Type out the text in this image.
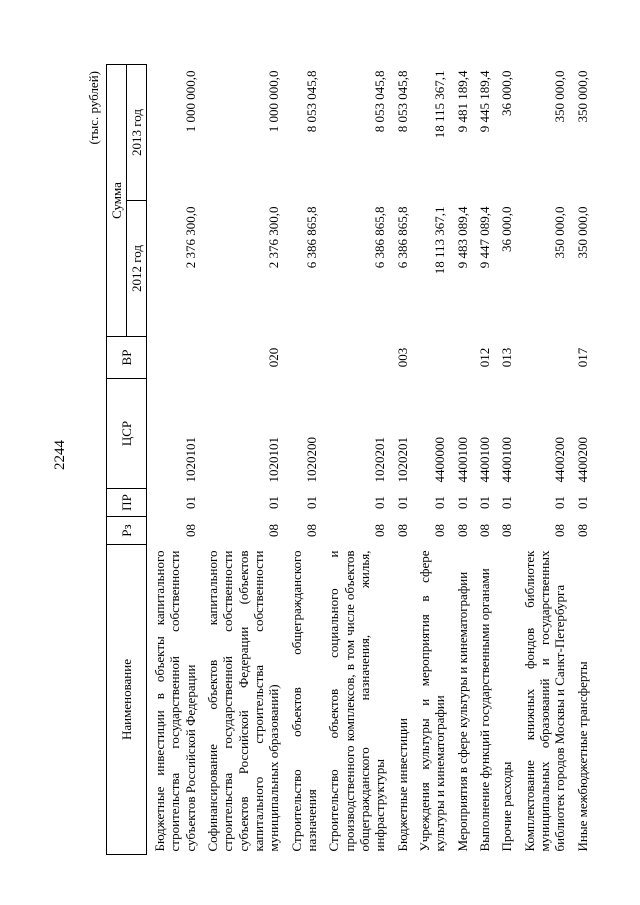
2244
(тыс. рублей)
Наименование	Рз	ПР	ЦСР	ВР	Сумма	
					2012 год	2013 год
Бюджетные инвестиции в объекты капитального строительства государственной собственности субъектов Российской Федерации	08	01	1020101		2 376 300,0	1 000 000,0
Софинансирование объектов капитального строительства государственной собственности субъектов Российской Федерации (объектов капитального строительства собственности муниципальных образований)	08	01	1020101	020	2 376 300,0	1 000 000,0
Строительство объектов общегражданского назначения	08	01	1020200		6 386 865,8	8 053 045,8
Строительство объектов социального и производственного комплексов, в том числе объектов общегражданского назначения, жилья, инфраструктуры	08	01	1020201		6 386 865,8	8 053 045,8
Бюджетные инвестиции	08	01	1020201	003	6 386 865,8	8 053 045,8
Учреждения культуры и мероприятия в сфере культуры и кинематографии	08	01	4400000		18 113 367,1	18 115 367,1
Мероприятия в сфере культуры и кинематографии	08	01	4400100		9 483 089,4	9 481 189,4
Выполнение функций государственными органами	08	01	4400100	012	9 447 089,4	9 445 189,4
Прочие расходы	08	01	4400100	013	36 000,0	36 000,0
Комплектование книжных фондов библиотек муниципальных образований и государственных библиотек городов Москвы и Санкт-Петербурга	08	01	4400200		350 000,0	350 000,0
Иные межбюджетные трансферты	08	01	4400200	017	350 000,0	350 000,0
